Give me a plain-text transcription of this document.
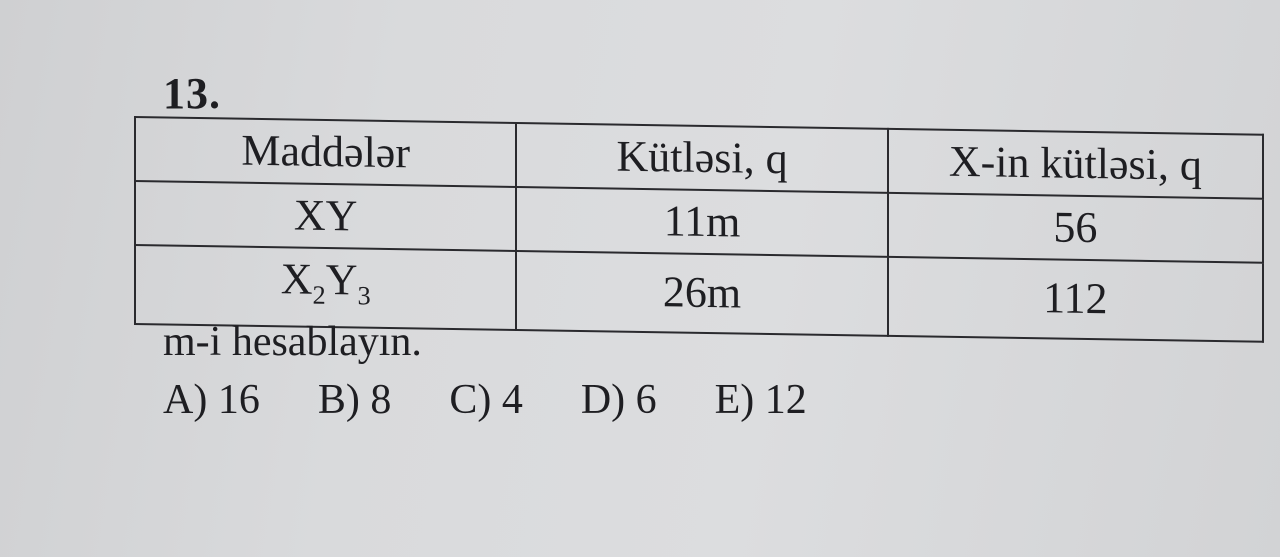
13.
Maddələr	Kütləsi, q	X-in kütləsi, q
XY	11m	56
$X_2Y_3$	26m	112
m-i hesablayın.
A) 16 B) 8 C) 4 D) 6 E) 12
